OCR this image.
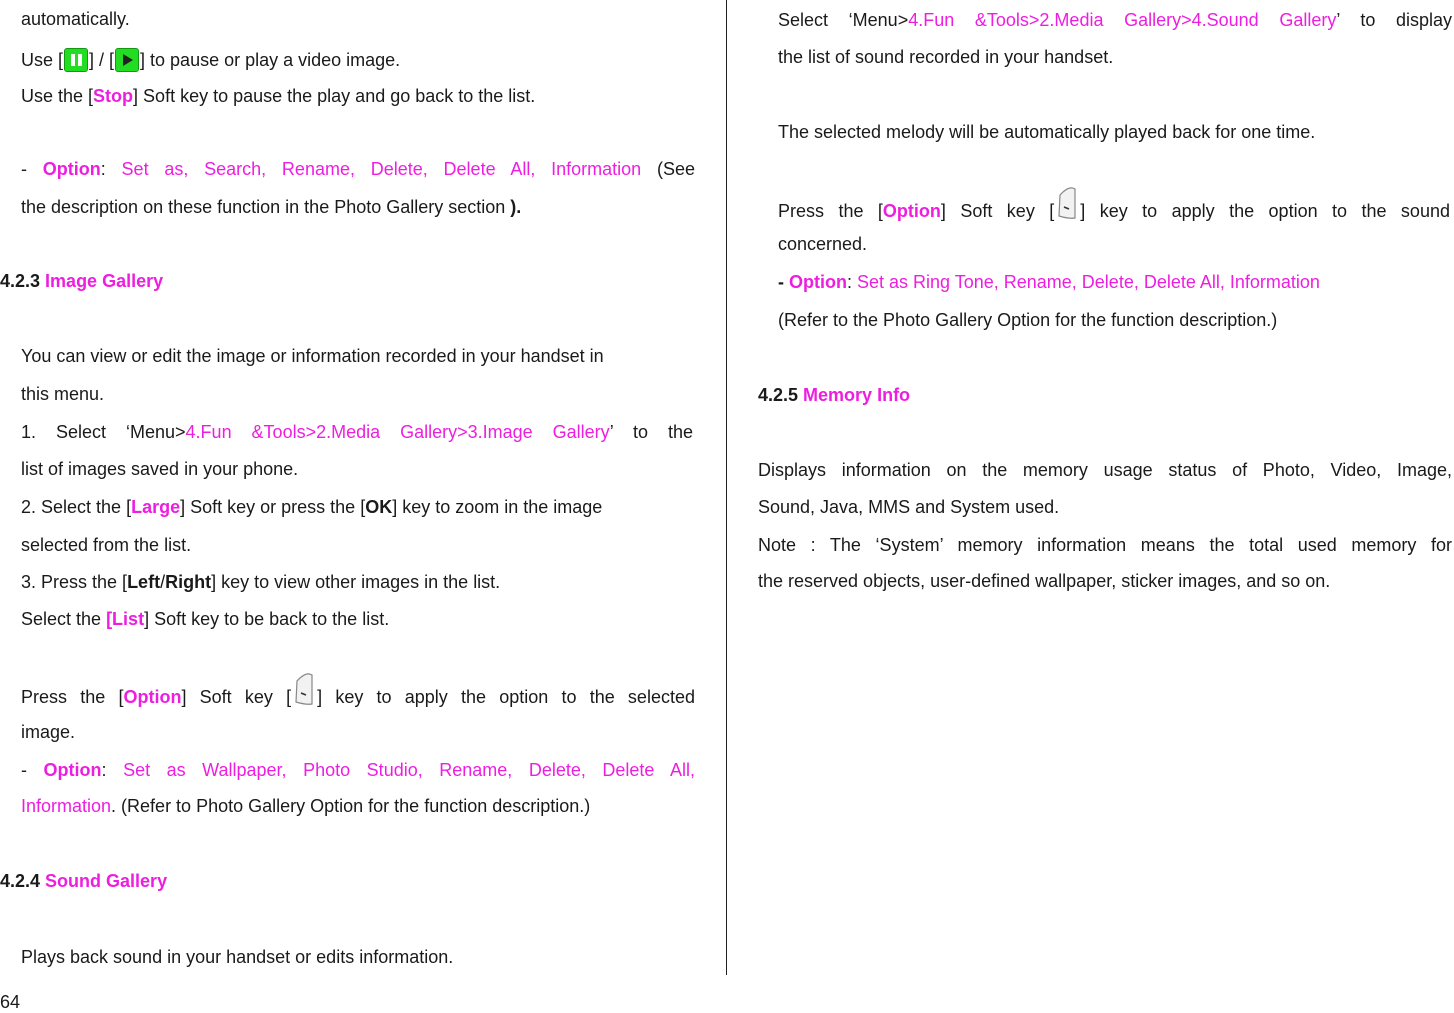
automatically.
Use [ ] / [ ] to pause or play a video image.
Use the [Stop] Soft key to pause the play and go back to the list.
- Option: Set as, Search, Rename, Delete, Delete All, Information (See
the description on these function in the Photo Gallery section ).
4.2.3 Image Gallery
You can view or edit the image or information recorded in your handset in
this menu.
1. Select ‘Menu>4.Fun &Tools>2.Media Gallery>3.Image Gallery’ to the
list of images saved in your phone.
2. Select the [Large] Soft key or press the [OK] key to zoom in the image
selected from the list.
3. Press the [Left/Right] key to view other images in the list.
Select the [List] Soft key to be back to the list.
Press the [Option] Soft key [ ] key to apply the option to the selected
image.
- Option: Set as Wallpaper, Photo Studio, Rename, Delete, Delete All,
Information. (Refer to Photo Gallery Option for the function description.)
4.2.4 Sound Gallery
Plays back sound in your handset or edits information.
64
Select ‘Menu>4.Fun &Tools>2.Media Gallery>4.Sound Gallery’ to display
the list of sound recorded in your handset.
The selected melody will be automatically played back for one time.
Press the [Option] Soft key [ ] key to apply the option to the sound
concerned.
- Option: Set as Ring Tone, Rename, Delete, Delete All, Information
(Refer to the Photo Gallery Option for the function description.)
4.2.5 Memory Info
Displays information on the memory usage status of Photo, Video, Image,
Sound, Java, MMS and System used.
Note : The ‘System’ memory information means the total used memory for
the reserved objects, user-defined wallpaper, sticker images, and so on.
